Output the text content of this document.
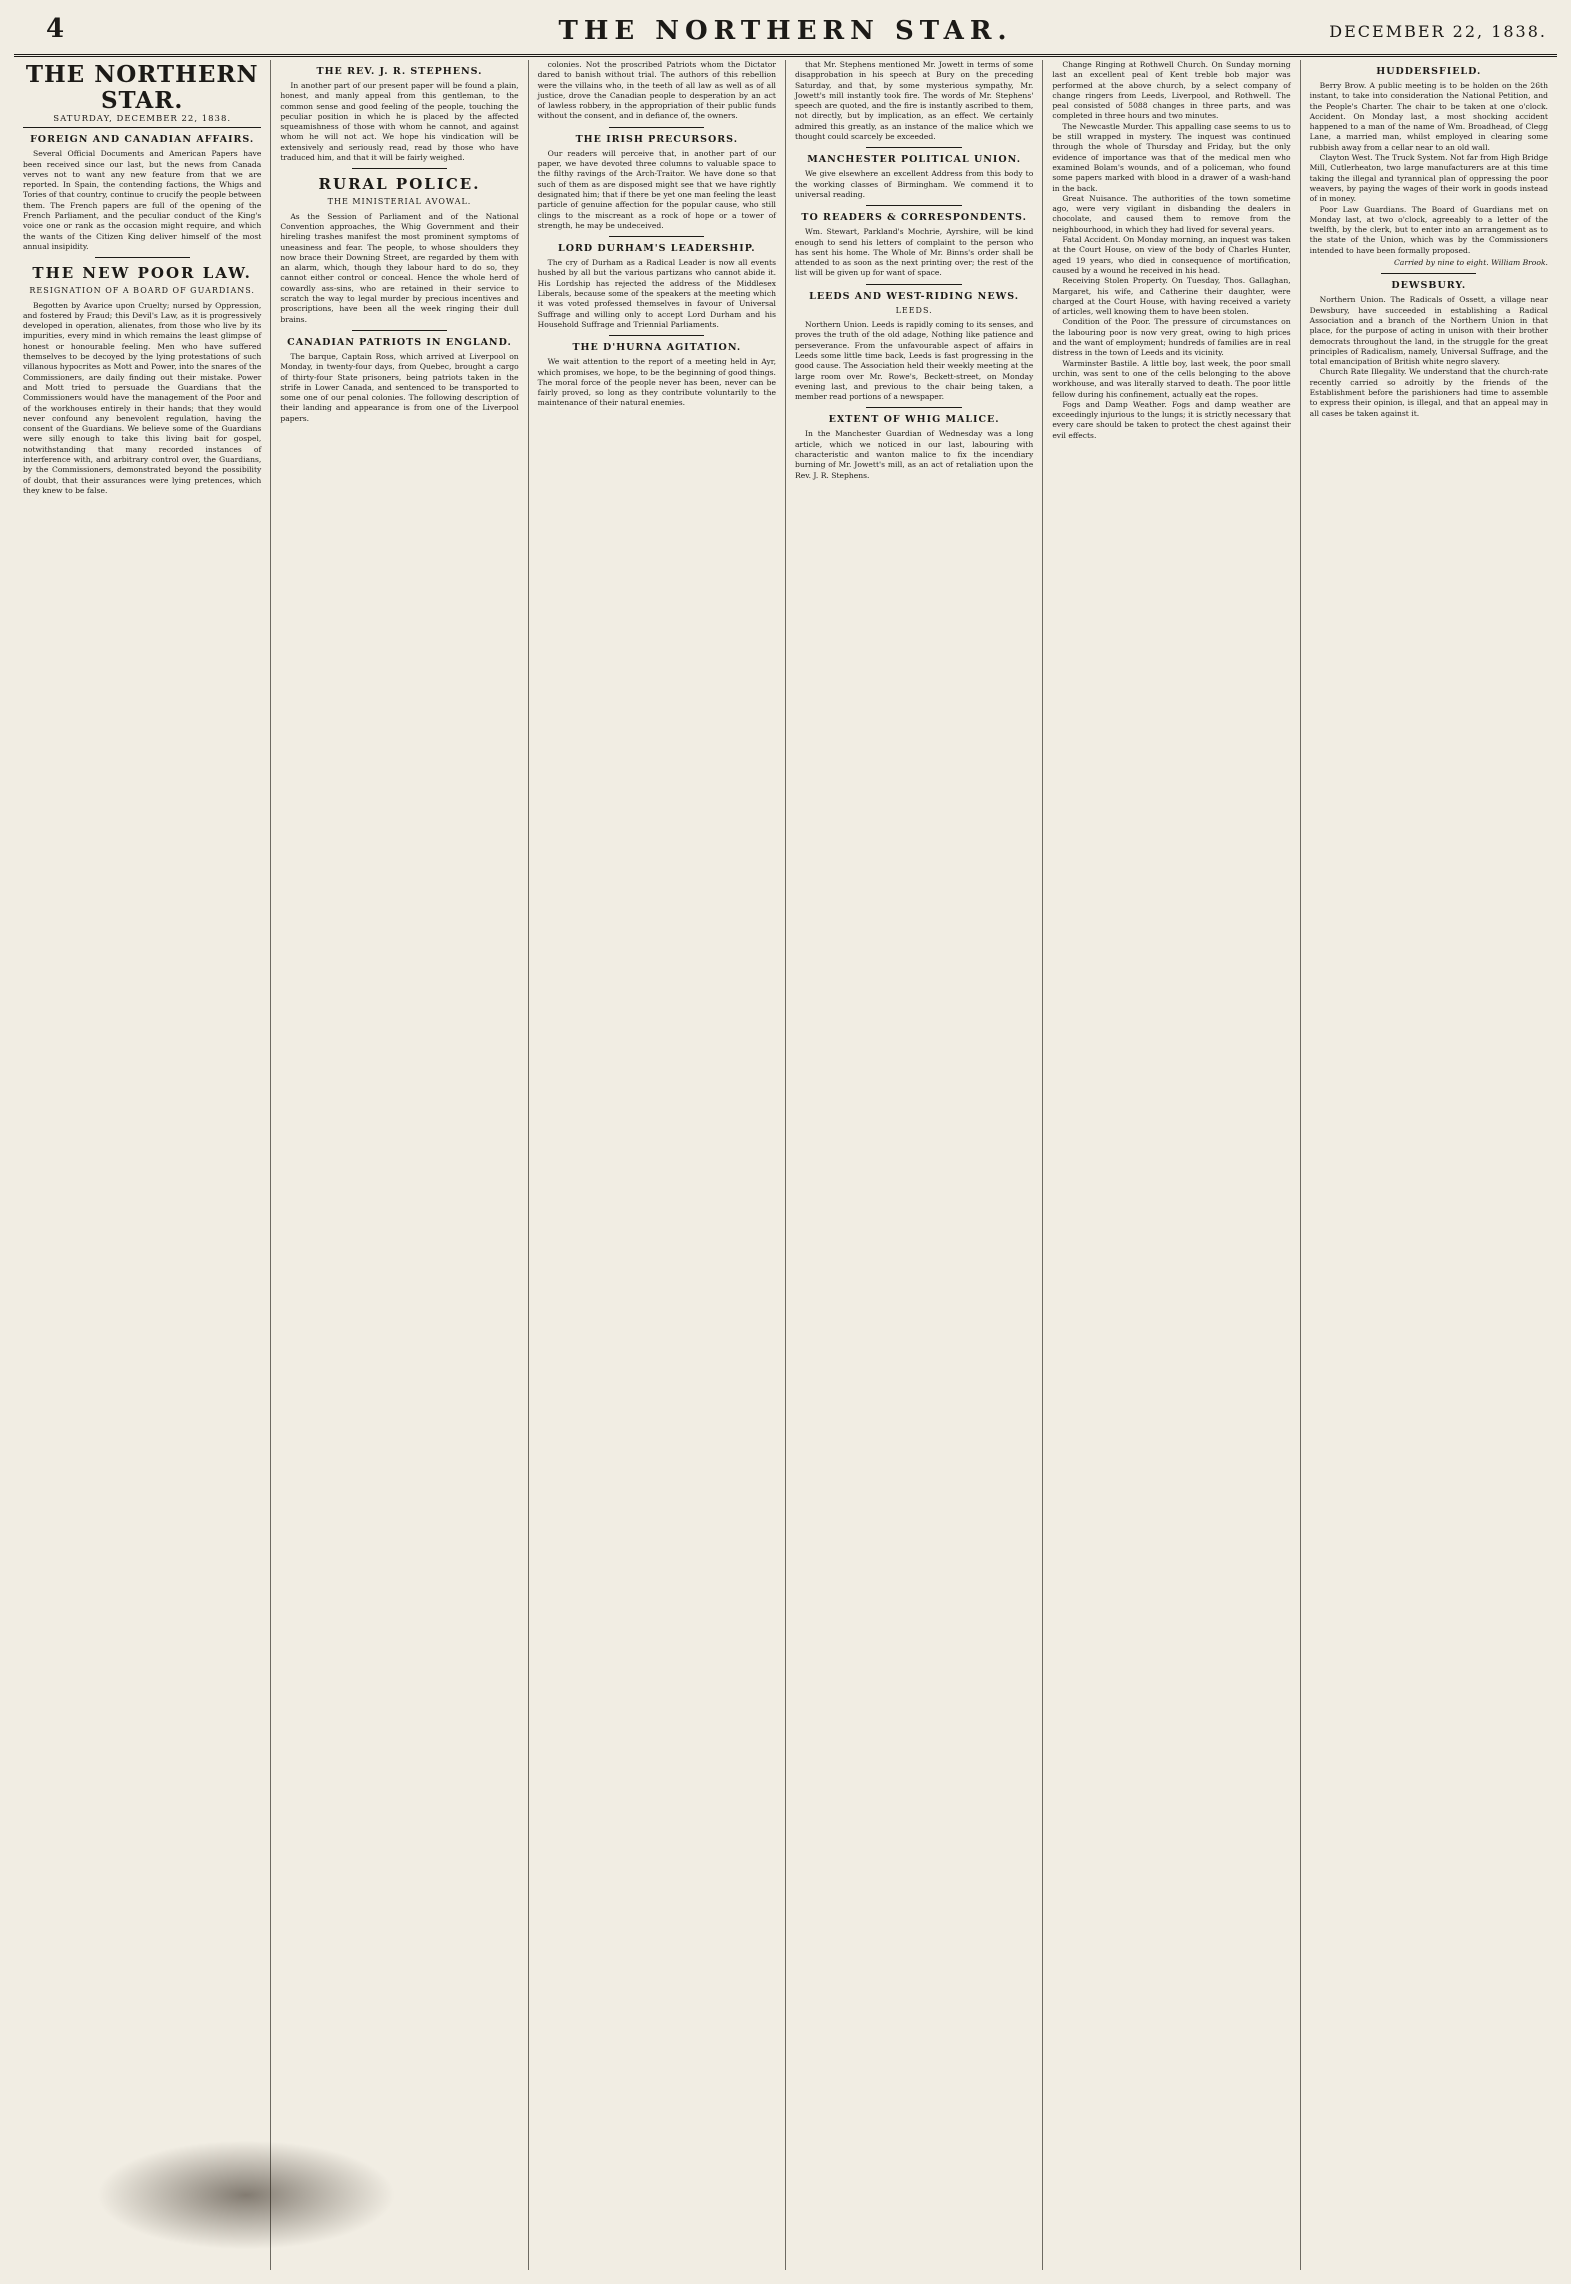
4	THE NORTHERN STAR.	DECEMBER 22, 1838.
THE NORTHERN STAR.
SATURDAY, DECEMBER 22, 1838.
FOREIGN AND CANADIAN AFFAIRS.

Several Official Documents and American Papers have been received since our last, but the news from Canada verves not to want any new feature from that we are reported. In Spain, the contending factions, the Whigs and Tories of that country, continue to crucify the people between them. The French papers are full of the opening of the French Parliament, and the peculiar conduct of the King's voice one or rank as the occasion might require, and which the wants of the Citizen King deliver himself of the most annual insipidity.

THE NEW POOR LAW.
RESIGNATION OF A BOARD OF GUARDIANS.

Begotten by Avarice upon Cruelty; nursed by Oppression, and fostered by Fraud; this Devil's Law, as it is progressively developed in operation, alienates, from those who live by its impurities, every mind in which remains the least glimpse of honest or honourable feeling. Men who have suffered themselves to be decoyed by the lying protestations of such villanous hypocrites as Mott and Power, into the snares of the Commissioners, are daily finding out their mistake. Power and Mott tried to persuade the Guardians that the Commissioners would have the management of the Poor and of the workhouses entirely in their hands; that they would never confound any benevolent regulation, having the consent of the Guardians. We believe some of the Guardians were silly enough to take this living bait for gospel, notwithstanding that many recorded instances of interference with, and arbitrary control over, the Guardians, by the Commissioners, demonstrated beyond the possibility of doubt, that their assurances were lying pretences, which they knew to be false.

THE REV. J. R. STEPHENS.

In another part of our present paper will be found a plain, honest, and manly appeal from this gentleman, to the common sense and good feeling of the people, touching the peculiar position in which he is placed by the affected squeamishness of those with whom he cannot, and against whom he will not act. We hope his vindication will be extensively and seriously read, read by those who have traduced him, and that it will be fairly weighed.

RURAL POLICE.
THE MINISTERIAL AVOWAL.

As the Session of Parliament and of the National Convention approaches, the Whig Government and their hireling trashes manifest the most prominent symptoms of uneasiness and fear. The people, to whose shoulders they now brace their Downing Street, are regarded by them with an alarm, which, though they labour hard to do so, they cannot either control or conceal. Hence the whole herd of cowardly ass-sins, who are retained in their service to scratch the way to legal murder by precious incentives and proscriptions, have been all the week ringing their dull brains.

CANADIAN PATRIOTS IN ENGLAND.

The barque, Captain Ross, which arrived at Liverpool on Monday, in twenty-four days, from Quebec, brought a cargo of thirty-four State prisoners, being patriots taken in the strife in Lower Canada, and sentenced to be transported to some one of our penal colonies. The following description of their landing and appearance is from one of the Liverpool papers.

colonies. Not the proscribed Patriots whom the Dictator dared to banish without trial. The authors of this rebellion were the villains who, in the teeth of all law as well as of all justice, drove the Canadian people to desperation by an act of lawless robbery, in the appropriation of their public funds without the consent, and in defiance of, the owners.

THE IRISH PRECURSORS.

Our readers will perceive that, in another part of our paper, we have devoted three columns to valuable space to the filthy ravings of the Arch-Traitor. We have done so that such of them as are disposed might see that we have rightly designated him; that if there be yet one man feeling the least particle of genuine affection for the popular cause, who still clings to the miscreant as a rock of hope or a tower of strength, he may be undeceived.

LORD DURHAM'S LEADERSHIP.

The cry of Durham as a Radical Leader is now all events hushed by all but the various partizans who cannot abide it. His Lordship has rejected the address of the Middlesex Liberals, because some of the speakers at the meeting which it was voted professed themselves in favour of Universal Suffrage and willing only to accept Lord Durham and his Household Suffrage and Triennial Parliaments.

THE D'HURNA AGITATION.

We wait attention to the report of a meeting held in Ayr, which promises, we hope, to be the beginning of good things. The moral force of the people never has been, never can be fairly proved, so long as they contribute voluntarily to the maintenance of their natural enemies.

that Mr. Stephens mentioned Mr. Jowett in terms of some disapprobation in his speech at Bury on the preceding Saturday, and that, by some mysterious sympathy, Mr. Jowett's mill instantly took fire. The words of Mr. Stephens' speech are quoted, and the fire is instantly ascribed to them, not directly, but by implication, as an effect. We certainly admired this greatly, as an instance of the malice which we thought could scarcely be exceeded.

MANCHESTER POLITICAL UNION.

We give elsewhere an excellent Address from this body to the working classes of Birmingham. We commend it to universal reading.

TO READERS & CORRESPONDENTS.

Wm. Stewart, Parkland's Mochrie, Ayrshire, will be kind enough to send his letters of complaint to the person who has sent his home. The Whole of Mr. Binns's order shall be attended to as soon as the next printing over; the rest of the list will be given up for want of space.

LEEDS AND WEST-RIDING NEWS.
LEEDS.

Northern Union. Leeds is rapidly coming to its senses, and proves the truth of the old adage, Nothing like patience and perseverance. From the unfavourable aspect of affairs in Leeds some little time back, Leeds is fast progressing in the good cause. The Association held their weekly meeting at the large room over Mr. Rowe's, Beckett-street, on Monday evening last, and previous to the chair being taken, a member read portions of a newspaper.

EXTENT OF WHIG MALICE.

In the Manchester Guardian of Wednesday was a long article, which we noticed in our last, labouring with characteristic and wanton malice to fix the incendiary burning of Mr. Jowett's mill, as an act of retaliation upon the Rev. J. R. Stephens.

Change Ringing at Rothwell Church. On Sunday morning last an excellent peal of Kent treble bob major was performed at the above church, by a select company of change ringers from Leeds, Liverpool, and Rothwell. The peal consisted of 5088 changes in three parts, and was completed in three hours and two minutes.

The Newcastle Murder. This appalling case seems to us to be still wrapped in mystery. The inquest was continued through the whole of Thursday and Friday, but the only evidence of importance was that of the medical men who examined Bolam's wounds, and of a policeman, who found some papers marked with blood in a drawer of a wash-hand in the back.

Great Nuisance. The authorities of the town sometime ago, were very vigilant in disbanding the dealers in chocolate, and caused them to remove from the neighbourhood, in which they had lived for several years.

Fatal Accident. On Monday morning, an inquest was taken at the Court House, on view of the body of Charles Hunter, aged 19 years, who died in consequence of mortification, caused by a wound he received in his head.

Receiving Stolen Property. On Tuesday, Thos. Gallaghan, Margaret, his wife, and Catherine their daughter, were charged at the Court House, with having received a variety of articles, well knowing them to have been stolen.

Condition of the Poor. The pressure of circumstances on the labouring poor is now very great, owing to high prices and the want of employment; hundreds of families are in real distress in the town of Leeds and its vicinity.

Warminster Bastile. A little boy, last week, the poor small urchin, was sent to one of the cells belonging to the above workhouse, and was literally starved to death. The poor little fellow during his confinement, actually eat the ropes.

Fogs and Damp Weather. Fogs and damp weather are exceedingly injurious to the lungs; it is strictly necessary that every care should be taken to protect the chest against their evil effects.

HUDDERSFIELD.

Berry Brow. A public meeting is to be holden on the 26th instant, to take into consideration the National Petition, and the People's Charter. The chair to be taken at one o'clock. Accident. On Monday last, a most shocking accident happened to a man of the name of Wm. Broadhead, of Clegg Lane, a married man, whilst employed in clearing some rubbish away from a cellar near to an old wall.

Clayton West. The Truck System. Not far from High Bridge Mill, Cutlerheaton, two large manufacturers are at this time taking the illegal and tyrannical plan of oppressing the poor weavers, by paying the wages of their work in goods instead of in money.

Poor Law Guardians. The Board of Guardians met on Monday last, at two o'clock, agreeably to a letter of the twelfth, by the clerk, but to enter into an arrangement as to the state of the Union, which was by the Commissioners intended to have been formally proposed.

Carried by nine to eight. William Brook.
DEWSBURY.

Northern Union. The Radicals of Ossett, a village near Dewsbury, have succeeded in establishing a Radical Association and a branch of the Northern Union in that place, for the purpose of acting in unison with their brother democrats throughout the land, in the struggle for the great principles of Radicalism, namely, Universal Suffrage, and the total emancipation of British white negro slavery.

Church Rate Illegality. We understand that the church-rate recently carried so adroitly by the friends of the Establishment before the parishioners had time to assemble to express their opinion, is illegal, and that an appeal may in all cases be taken against it.
